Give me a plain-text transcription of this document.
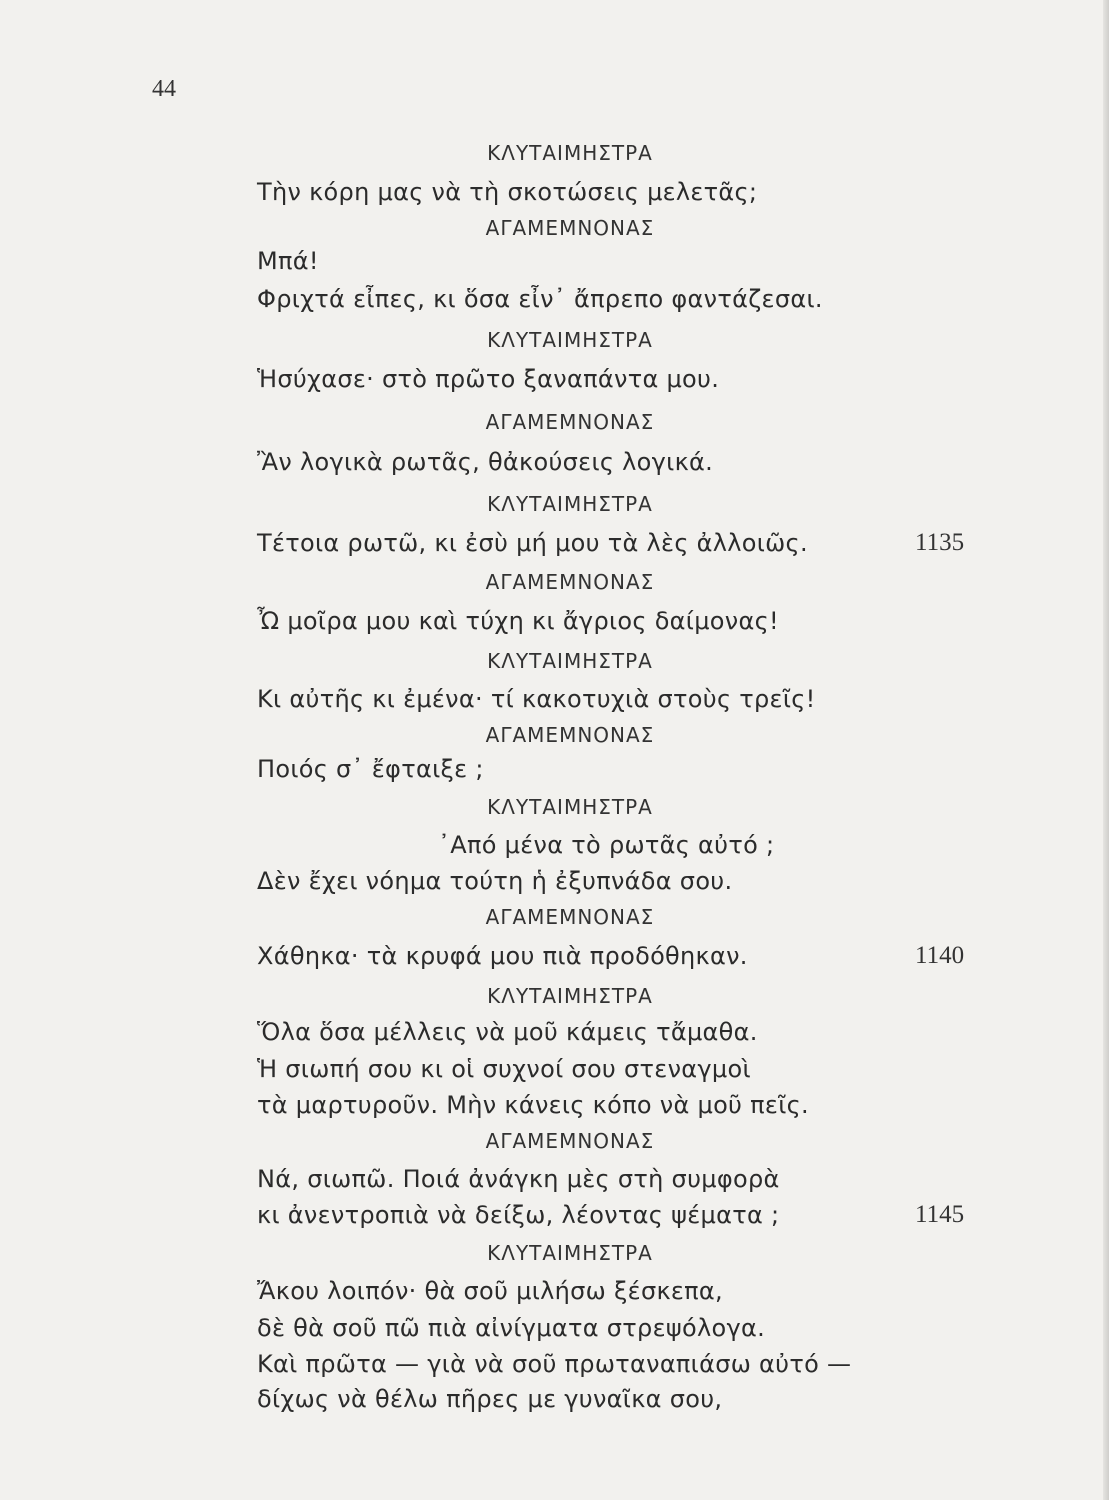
44
ΚΛΥΤΑΙΜΗΣΤΡΑ
Τὴν κόρη μας νὰ τὴ σκοτώσεις μελετᾶς;
ΑΓΑΜΕΜΝΟΝΑΣ
Μπά!
Φριχτά εἶπες, κι ὅσα εἶν᾽ ἄπρεπο φαντάζεσαι.
ΚΛΥΤΑΙΜΗΣΤΡΑ
Ἡσύχασε· στὸ πρῶτο ξαναπάντα μου.
ΑΓΑΜΕΜΝΟΝΑΣ
Ἂν λογικὰ ρωτᾶς, θἀκούσεις λογικά.
ΚΛΥΤΑΙΜΗΣΤΡΑ
Τέτοια ρωτῶ, κι ἐσὺ μή μου τὰ λὲς ἀλλοιῶς.	1135
ΑΓΑΜΕΜΝΟΝΑΣ
Ὦ μοῖρα μου καὶ τύχη κι ἄγριος δαίμονας!
ΚΛΥΤΑΙΜΗΣΤΡΑ
Κι αὐτῆς κι ἐμένα· τί κακοτυχιὰ στοὺς τρεῖς!
ΑΓΑΜΕΜΝΟΝΑΣ
Ποιός σ᾽ ἔφταιξε ;
ΚΛΥΤΑΙΜΗΣΤΡΑ
᾽Από μένα τὸ ρωτᾶς αὐτό ;
Δὲν ἔχει νόημα τούτη ἡ ἐξυπνάδα σου.
ΑΓΑΜΕΜΝΟΝΑΣ
Χάθηκα· τὰ κρυφά μου πιὰ προδόθηκαν.	1140
ΚΛΥΤΑΙΜΗΣΤΡΑ
Ὅλα ὅσα μέλλεις νὰ μοῦ κάμεις τἄμαθα.
Ἡ σιωπή σου κι οἱ συχνοί σου στεναγμοὶ
τὰ μαρτυροῦν. Μὴν κάνεις κόπο νὰ μοῦ πεῖς.
ΑΓΑΜΕΜΝΟΝΑΣ
Νά, σιωπῶ. Ποιά ἀνάγκη μὲς στὴ συμφορὰ
κι ἀνεντροπιὰ νὰ δείξω, λέοντας ψέματα ;	1145
ΚΛΥΤΑΙΜΗΣΤΡΑ
Ἄκου λοιπόν· θὰ σοῦ μιλήσω ξέσκεπα,
δὲ θὰ σοῦ πῶ πιὰ αἰνίγματα στρεψόλογα.
Καὶ πρῶτα — γιὰ νὰ σοῦ πρωταναπιάσω αὐτό —
δίχως νὰ θέλω πῆρες με γυναῖκα σου,
